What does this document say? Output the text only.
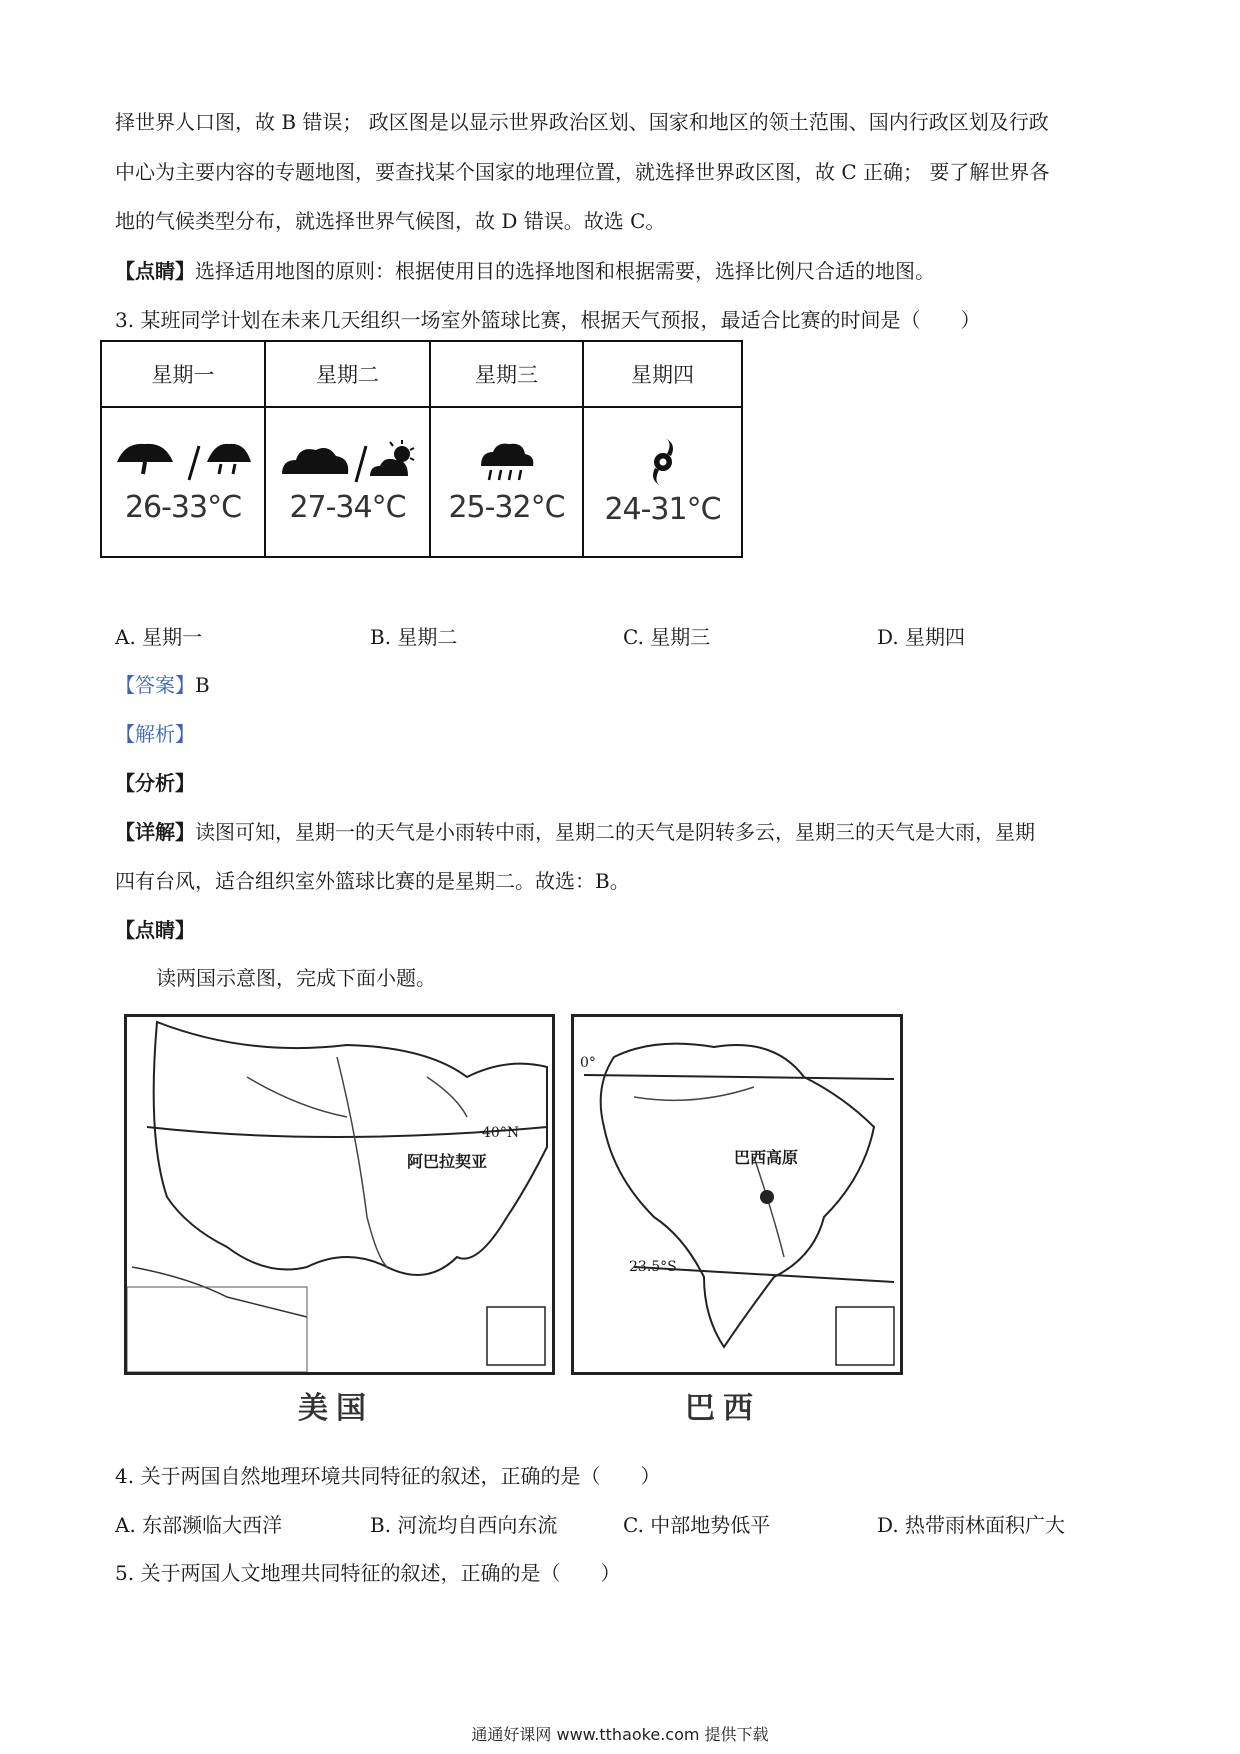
择世界人口图，故 B 错误； 政区图是以显示世界政治区划、国家和地区的领土范围、国内行政区划及行政
中心为主要内容的专题地图，要查找某个国家的地理位置，就选择世界政区图，故 C 正确； 要了解世界各
地的气候类型分布，就选择世界气候图，故 D 错误。故选 C。
【点睛】选择适用地图的原则：根据使用目的选择地图和根据需要，选择比例尺合适的地图。
3. 某班同学计划在未来几天组织一场室外篮球比赛，根据天气预报，最适合比赛的时间是（　　）
星期一	星期二	星期三	星期四

26-33°C	27-34°C	25-32°C	24-31°C
A. 星期一	B. 星期二	C. 星期三	D. 星期四
【答案】B
【解析】
【分析】
【详解】读图可知，星期一的天气是小雨转中雨，星期二的天气是阴转多云，星期三的天气是大雨，星期
四有台风，适合组织室外篮球比赛的是星期二。故选：B。
【点睛】
读两国示意图，完成下面小题。
40°N
阿巴拉契亚
美国
0°
23.5°S
巴西高原
巴西
4. 关于两国自然地理环境共同特征的叙述，正确的是（　　）
A. 东部濒临大西洋	B. 河流均自西向东流	C. 中部地势低平	D. 热带雨林面积广大
5. 关于两国人文地理共同特征的叙述，正确的是（　　）
通通好课网 www.tthaoke.com 提供下载
